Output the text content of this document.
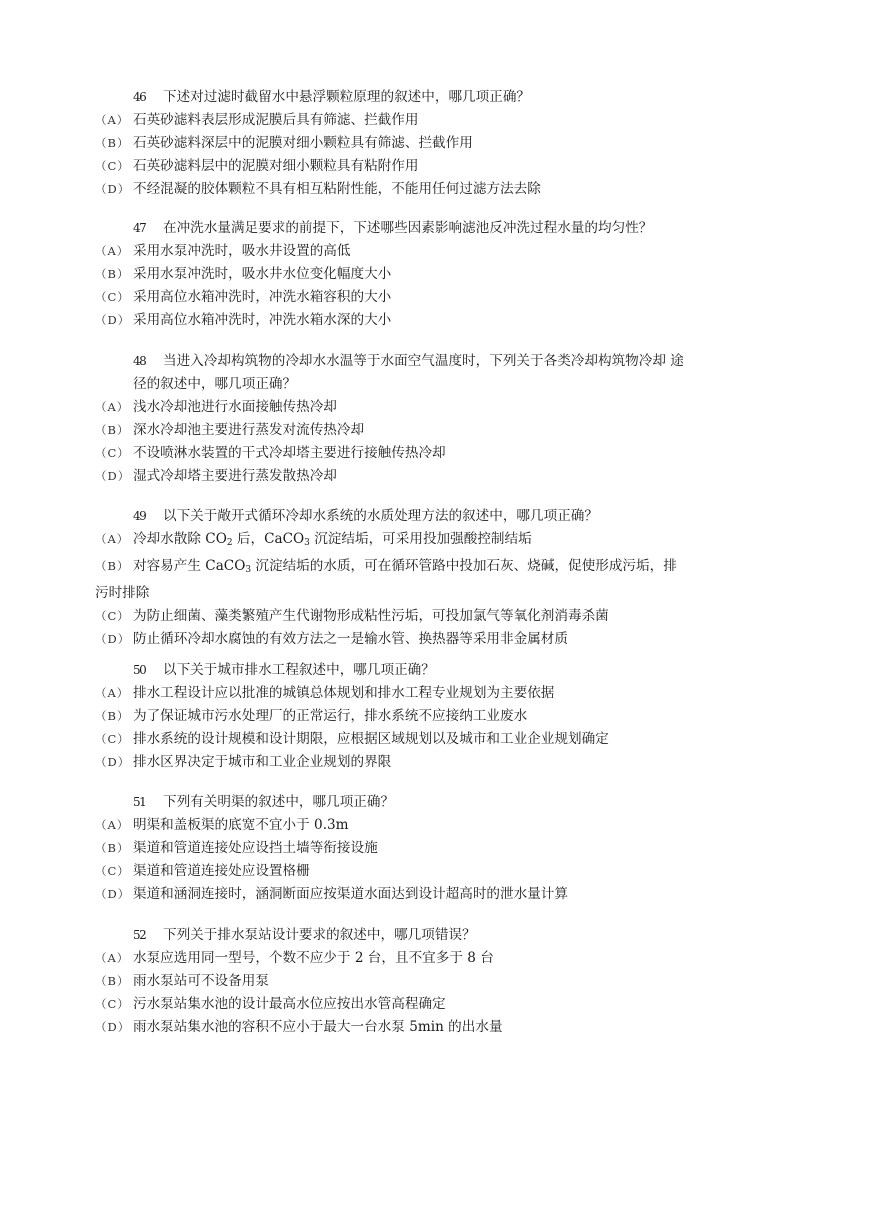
46 下述对过滤时截留水中悬浮颗粒原理的叙述中，哪几项正确？
（A） 石英砂滤料表层形成泥膜后具有筛滤、拦截作用
（B） 石英砂滤料深层中的泥膜对细小颗粒具有筛滤、拦截作用
（C） 石英砂滤料层中的泥膜对细小颗粒具有粘附作用
（D） 不经混凝的胶体颗粒不具有相互粘附性能，不能用任何过滤方法去除
47 在冲洗水量满足要求的前提下，下述哪些因素影响滤池反冲洗过程水量的均匀性？
（A） 采用水泵冲洗时，吸水井设置的高低
（B） 采用水泵冲洗时，吸水井水位变化幅度大小
（C） 采用高位水箱冲洗时，冲洗水箱容积的大小
（D） 采用高位水箱冲洗时，冲洗水箱水深的大小
48 当进入冷却构筑物的冷却水水温等于水面空气温度时，下列关于各类冷却构筑物冷却 途
径的叙述中，哪几项正确？
（A） 浅水冷却池进行水面接触传热冷却
（B） 深水冷却池主要进行蒸发对流传热冷却
（C） 不设喷淋水装置的干式冷却塔主要进行接触传热冷却
（D） 湿式冷却塔主要进行蒸发散热冷却
49 以下关于敞开式循环冷却水系统的水质处理方法的叙述中，哪几项正确？
（A） 冷却水散除 $CO_2$ 后，CaCO$_3$ 沉淀结垢，可采用投加强酸控制结垢
（B） 对容易产生 CaCO$_3$ 沉淀结垢的水质，可在循环管路中投加石灰、烧碱，促使形成污垢，排
污时排除
（C） 为防止细菌、藻类繁殖产生代谢物形成粘性污垢，可投加氯气等氧化剂消毒杀菌
（D） 防止循环冷却水腐蚀的有效方法之一是输水管、换热器等采用非金属材质
50 以下关于城市排水工程叙述中，哪几项正确？
（A） 排水工程设计应以批准的城镇总体规划和排水工程专业规划为主要依据
（B） 为了保证城市污水处理厂的正常运行，排水系统不应接纳工业废水
（C） 排水系统的设计规模和设计期限，应根据区域规划以及城市和工业企业规划确定
（D） 排水区界决定于城市和工业企业规划的界限
51 下列有关明渠的叙述中，哪几项正确？
（A） 明渠和盖板渠的底宽不宜小于 0.3m
（B） 渠道和管道连接处应设挡土墙等衔接设施
（C） 渠道和管道连接处应设置格栅
（D） 渠道和涵洞连接时，涵洞断面应按渠道水面达到设计超高时的泄水量计算
52 下列关于排水泵站设计要求的叙述中，哪几项错误？
（A） 水泵应选用同一型号，个数不应少于 2 台，且不宜多于 8 台
（B） 雨水泵站可不设备用泵
（C） 污水泵站集水池的设计最高水位应按出水管高程确定
（D） 雨水泵站集水池的容积不应小于最大一台水泵 5min 的出水量
